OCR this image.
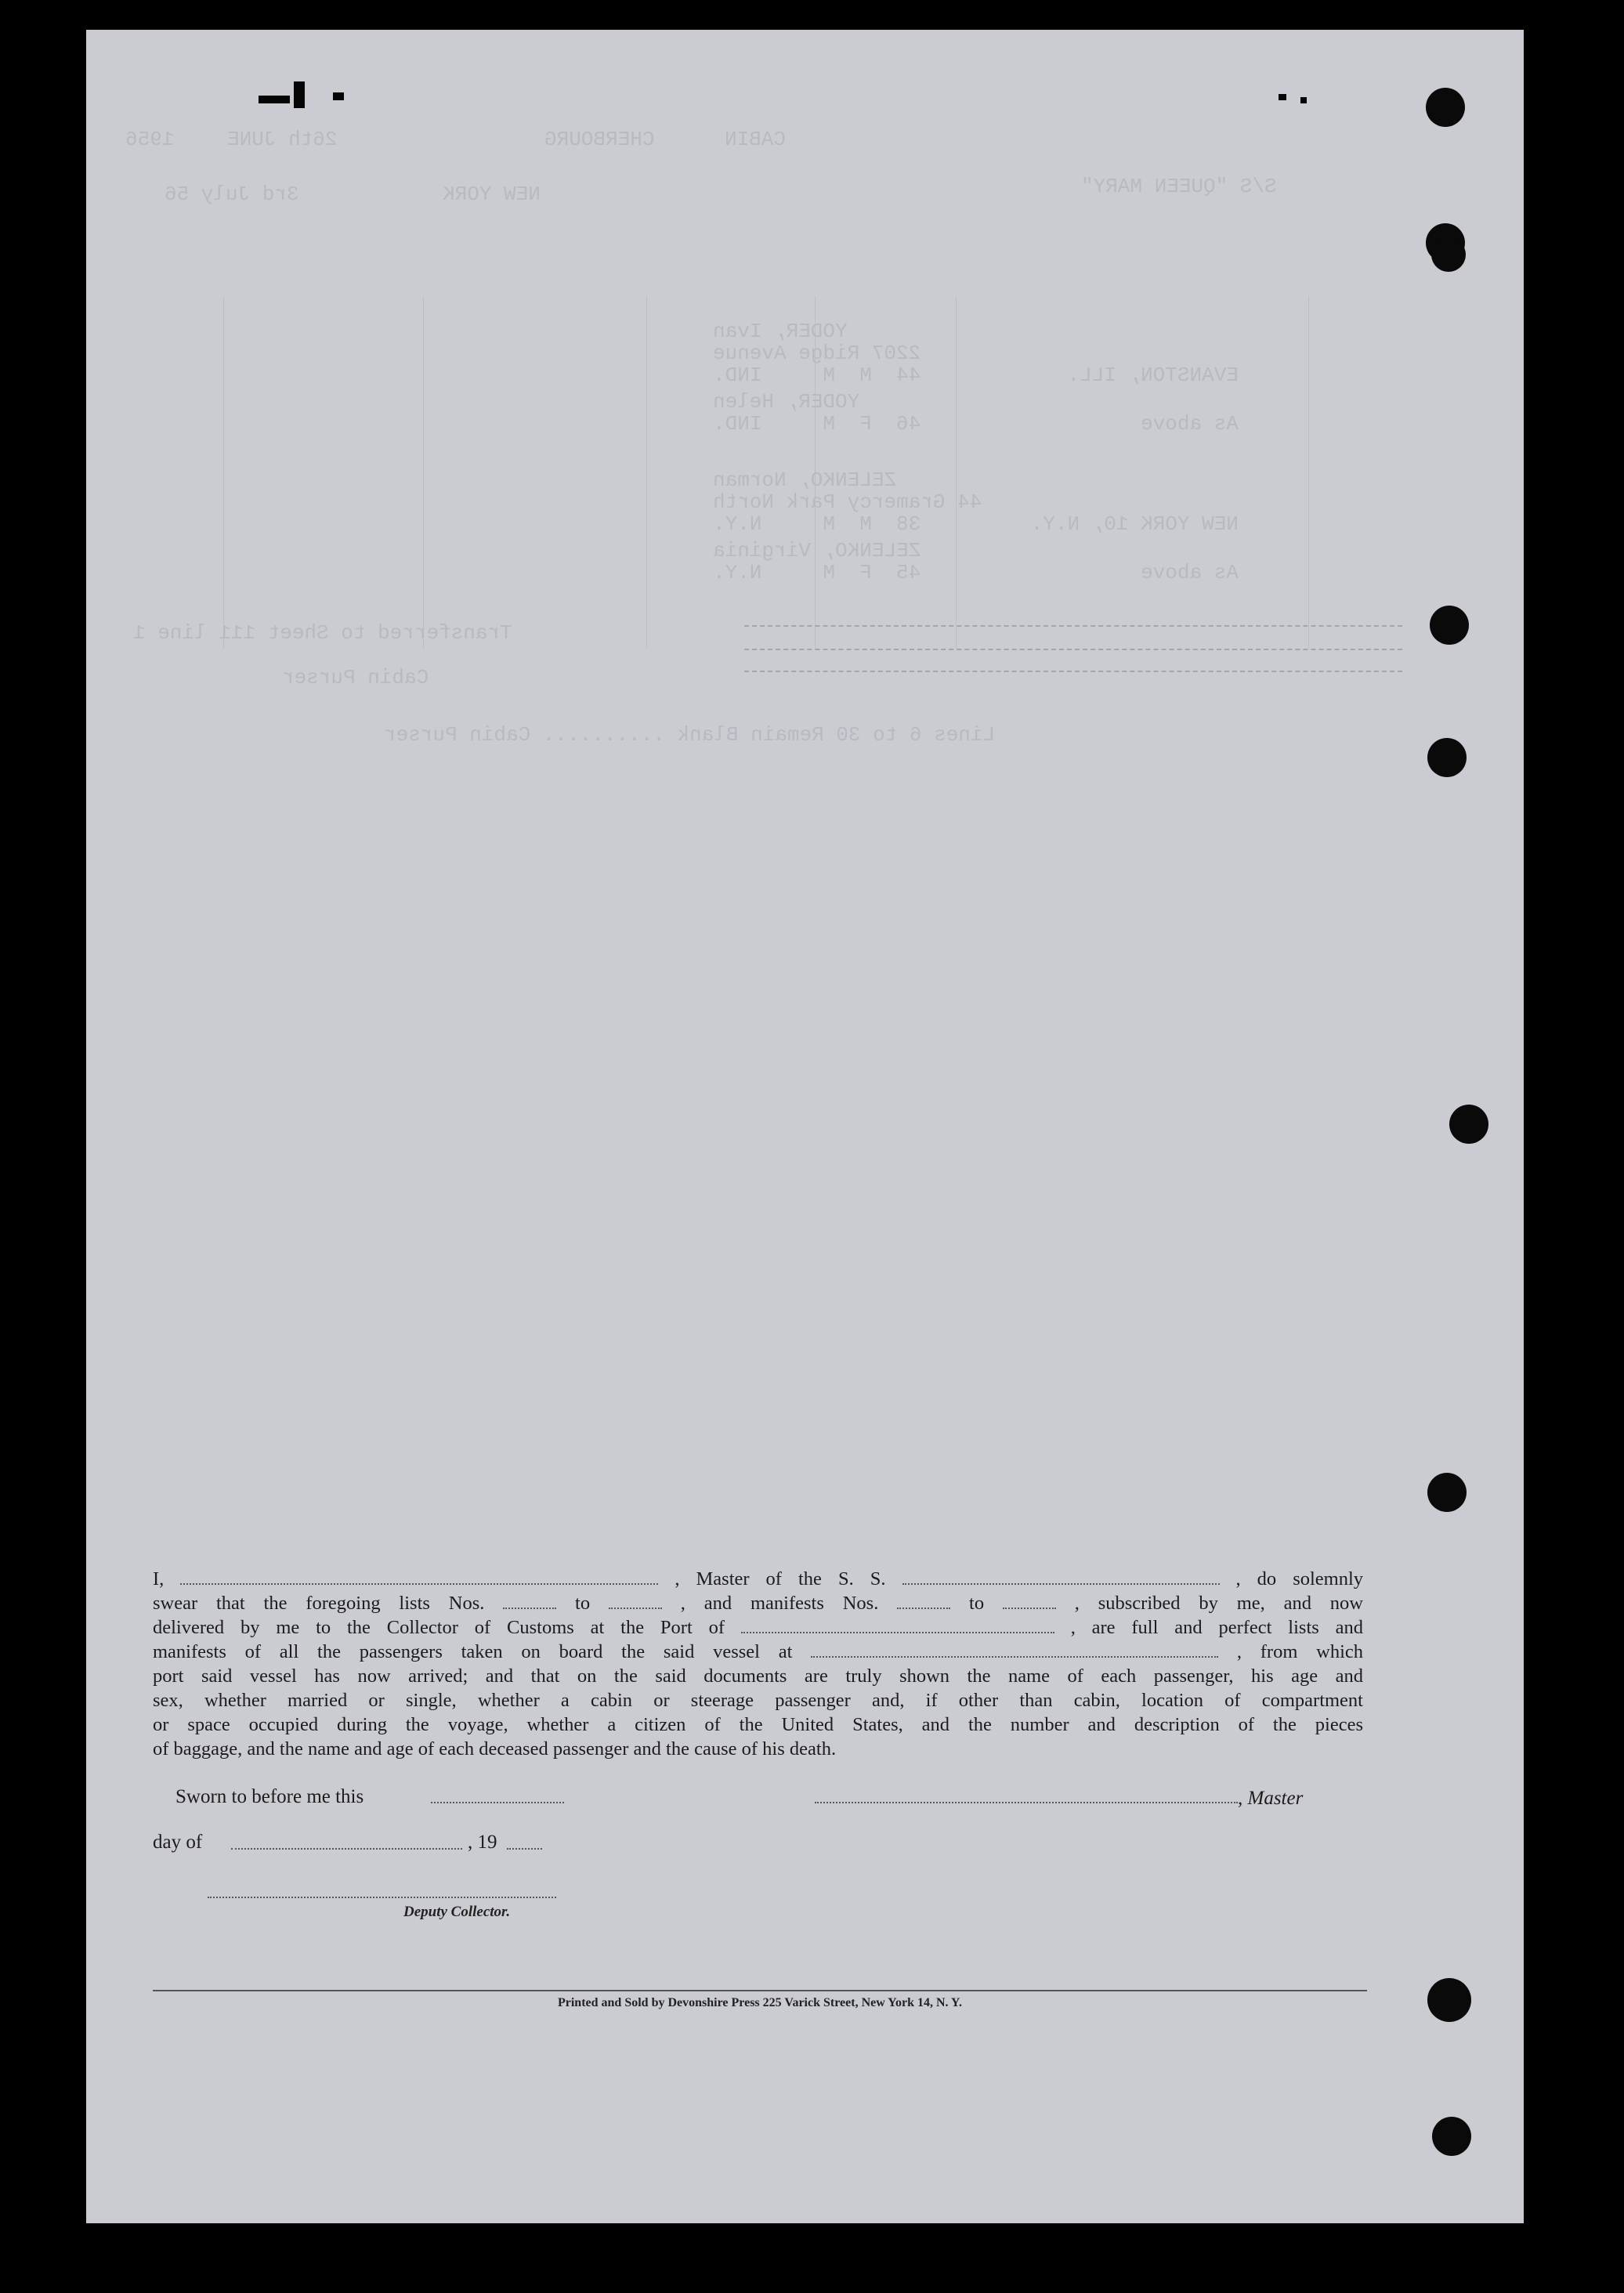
S/S "QUEEN MARY"
CABIN
CHERBOURG
26th JUNE
1956
NEW YORK
3rd July 56
YODER, Ivan
2207 Ridge Avenue
EVANSTON, ILL.            44  M  M     IND.
YODER, Helen
As above                  46  F  M     IND.
ZELENKO, Norman
44 Gramercy Park North
NEW YORK 10, N.Y.         38  M  M     N.Y.
ZELENKO, Virginia
As above                  45  F  M     N.Y.
Transferred to Sheet 111 line 1
Cabin Purser
Lines 6 to 30 Remain Blank .......... Cabin Purser
I,	, Master of the S. S.	, do solemnly
swear that the foregoing lists Nos.	to	, and manifests Nos.	to	, subscribed by me, and now
delivered by me to the Collector of Customs at the Port of	, are full and perfect lists and
manifests of all the passengers taken on board the said vessel at	, from which
port said vessel has now arrived; and that on the said documents are truly shown the name of each passenger, his age and
sex, whether married or single, whether a cabin or steerage passenger and, if other than cabin, location of compartment
or space occupied during the voyage, whether a citizen of the United States, and the number and description of the pieces
of baggage, and the name and age of each deceased passenger and the cause of his death.
Sworn to before me this	, Master
day of	, 19
Deputy Collector.
Printed and Sold by Devonshire Press 225 Varick Street, New York 14, N. Y.
